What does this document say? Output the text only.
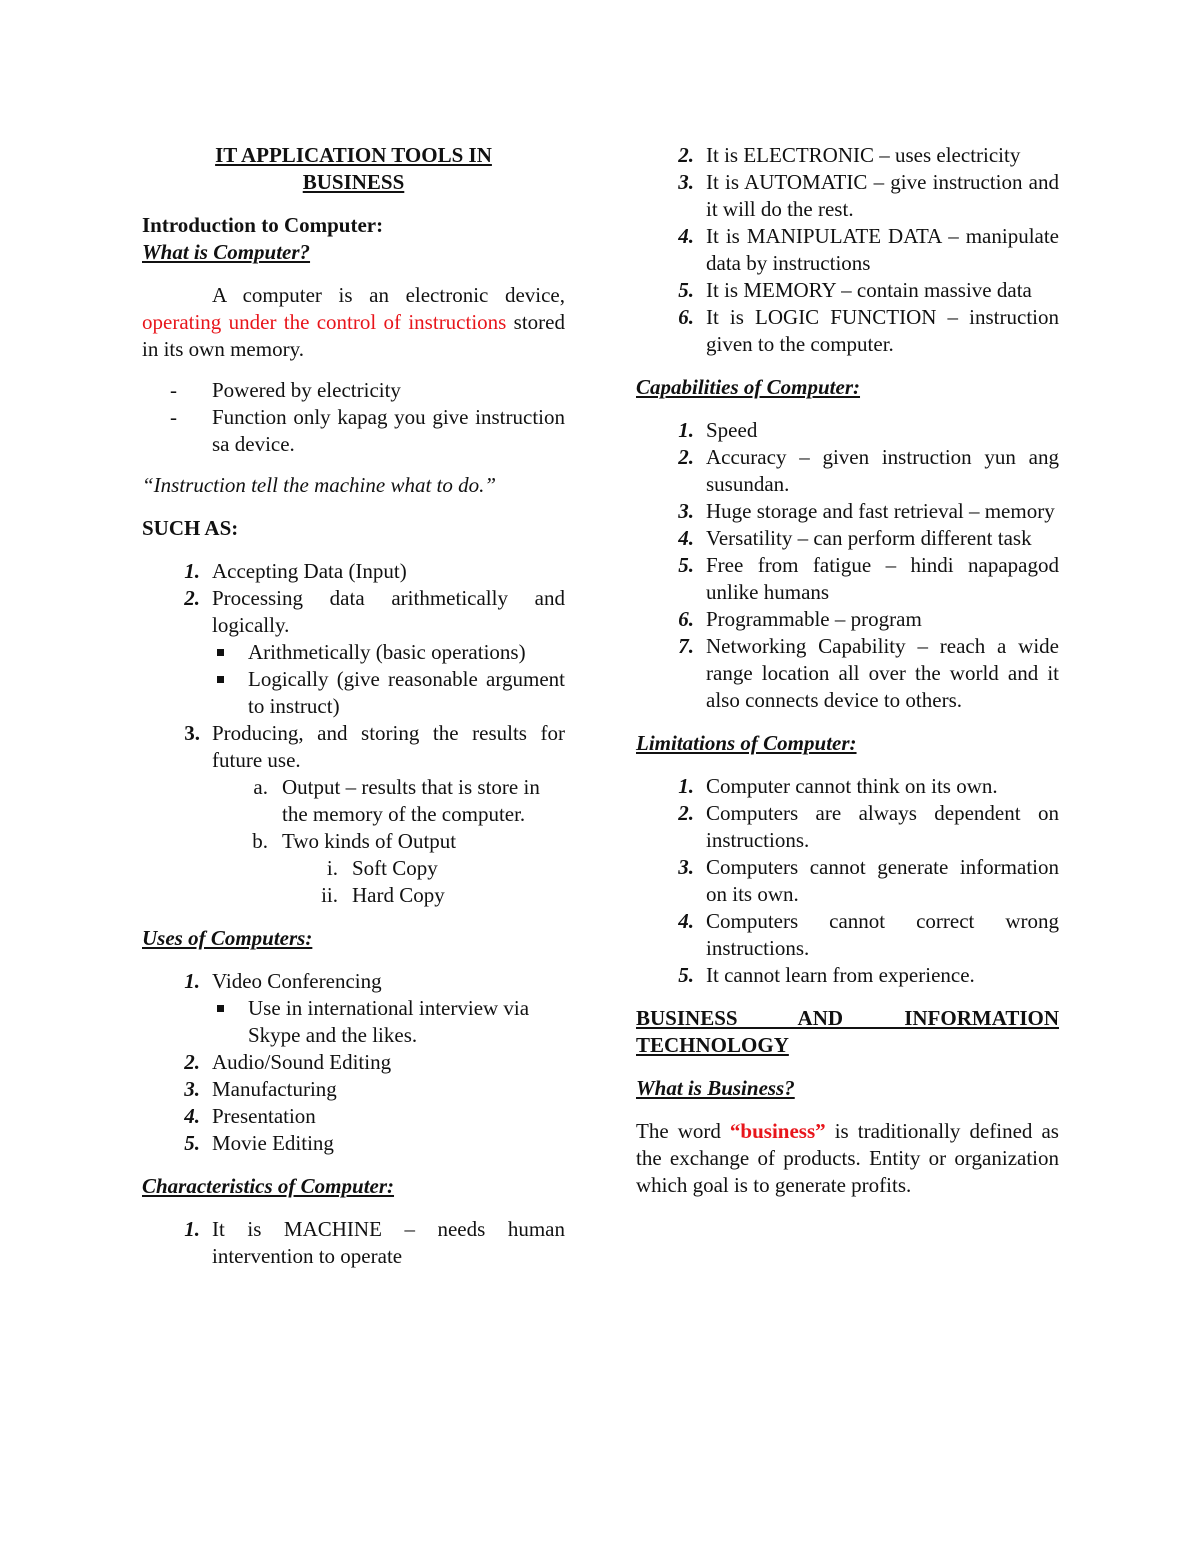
IT APPLICATION TOOLS IN

BUSINESS

Introduction to Computer:

What is Computer?

A computer is an electronic device, operating under the control of instructions stored in its own memory.

-	Powered by electricity
-	Function only kapag you give instruction sa device.

“Instruction tell the machine what to do.”

SUCH AS:

1. Accepting Data (Input)
2. Processing data arithmetically and logically.
Arithmetically (basic operations)
Logically (give reasonable argument to instruct)
3. Producing, and storing the results for future use.
a. Output – results that is store in the memory of the computer.
b. Two kinds of Output
i. Soft Copy
ii. Hard Copy

Uses of Computers:

1. Video Conferencing
Use in international interview via Skype and the likes.
2. Audio/Sound Editing
3. Manufacturing
4. Presentation
5. Movie Editing

Characteristics of Computer:

1. It is MACHINE – needs human intervention to operate
2. It is ELECTRONIC – uses electricity
3. It is AUTOMATIC – give instruction and it will do the rest.
4. It is MANIPULATE DATA – manipulate data by instructions
5. It is MEMORY – contain massive data
6. It is LOGIC FUNCTION – instruction given to the computer.

Capabilities of Computer:

1. Speed
2. Accuracy – given instruction yun ang susundan.
3. Huge storage and fast retrieval – memory
4. Versatility – can perform different task
5. Free from fatigue – hindi napapagod unlike humans
6. Programmable – program
7. Networking Capability – reach a wide range location all over the world and it also connects device to others.

Limitations of Computer:

1. Computer cannot think on its own.
2. Computers are always dependent on instructions.
3. Computers cannot generate information on its own.
4. Computers cannot correct wrong instructions.
5. It cannot learn from experience.

BUSINESS AND INFORMATION TECHNOLOGY

What is Business?

The word “business” is traditionally defined as the exchange of products. Entity or organization which goal is to generate profits.
